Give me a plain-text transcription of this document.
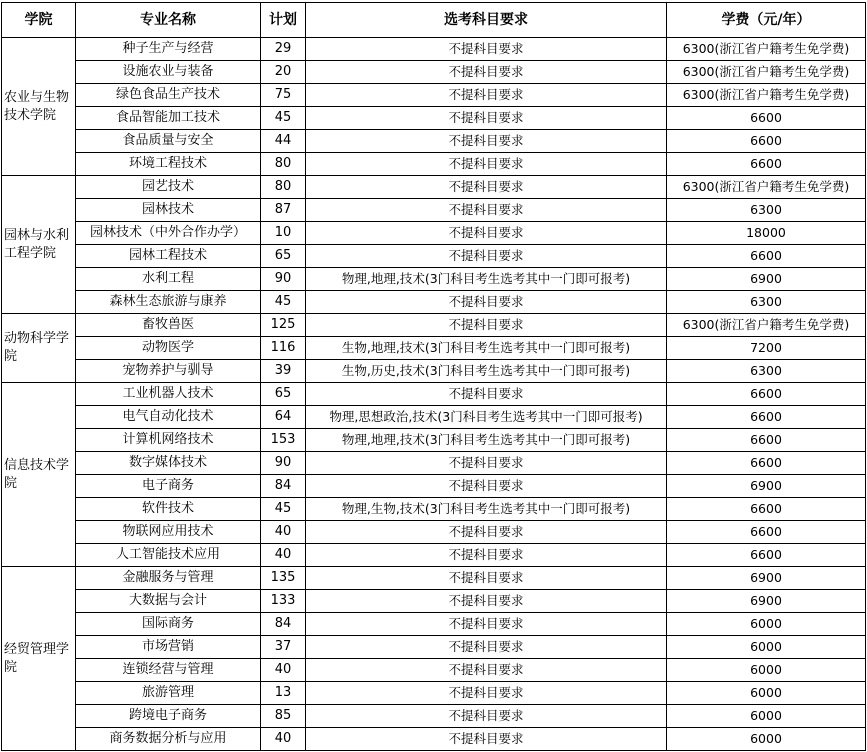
学院	专业名称	计划	选考科目要求	学费（元/年）
农业与生物技术学院	种子生产与经营	29	不提科目要求	6300(浙江省户籍考生免学费)
	设施农业与装备	20	不提科目要求	6300(浙江省户籍考生免学费)
	绿色食品生产技术	75	不提科目要求	6300(浙江省户籍考生免学费)
	食品智能加工技术	45	不提科目要求	6600
	食品质量与安全	44	不提科目要求	6600
	环境工程技术	80	不提科目要求	6600
园林与水利工程学院	园艺技术	80	不提科目要求	6300(浙江省户籍考生免学费)
	园林技术	87	不提科目要求	6300
	园林技术（中外合作办学）	10	不提科目要求	18000
	园林工程技术	65	不提科目要求	6600
	水利工程	90	物理,地理,技术(3门科目考生选考其中一门即可报考)	6900
	森林生态旅游与康养	45	不提科目要求	6300
动物科学学院	畜牧兽医	125	不提科目要求	6300(浙江省户籍考生免学费)
	动物医学	116	生物,地理,技术(3门科目考生选考其中一门即可报考)	7200
	宠物养护与驯导	39	生物,历史,技术(3门科目考生选考其中一门即可报考)	6300
信息技术学院	工业机器人技术	65	不提科目要求	6600
	电气自动化技术	64	物理,思想政治,技术(3门科目考生选考其中一门即可报考)	6600
	计算机网络技术	153	物理,地理,技术(3门科目考生选考其中一门即可报考)	6600
	数字媒体技术	90	不提科目要求	6600
	电子商务	84	不提科目要求	6900
	软件技术	45	物理,生物,技术(3门科目考生选考其中一门即可报考)	6600
	物联网应用技术	40	不提科目要求	6600
	人工智能技术应用	40	不提科目要求	6600
经贸管理学院	金融服务与管理	135	不提科目要求	6900
	大数据与会计	133	不提科目要求	6900
	国际商务	84	不提科目要求	6000
	市场营销	37	不提科目要求	6000
	连锁经营与管理	40	不提科目要求	6000
	旅游管理	13	不提科目要求	6000
	跨境电子商务	85	不提科目要求	6000
	商务数据分析与应用	40	不提科目要求	6000
